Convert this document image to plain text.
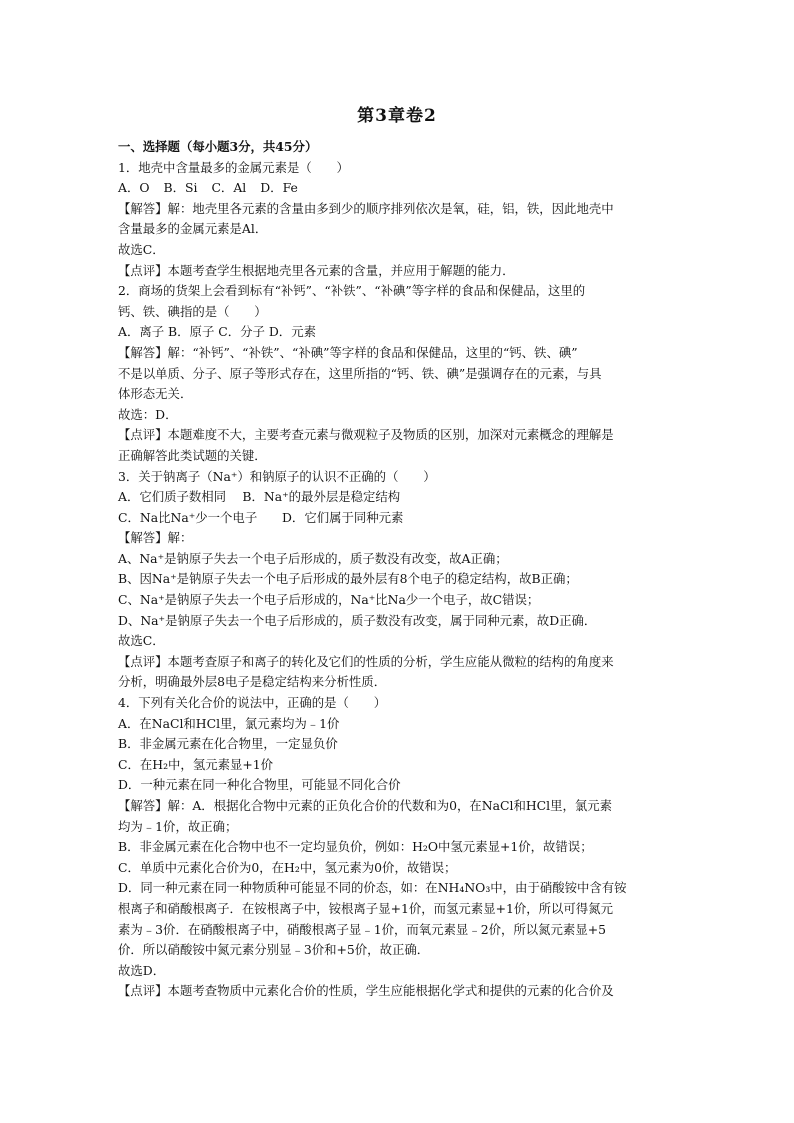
第3章卷2

一、选择题（每小题3分，共45分）

1．地壳中含量最多的金属元素是（　　）

A．O B．Si C．Al D．Fe

【解答】解：地壳里各元素的含量由多到少的顺序排列依次是氧，硅，铝，铁，因此地壳中

含量最多的金属元素是Al．

故选C．

【点评】本题考查学生根据地壳里各元素的含量，并应用于解题的能力．

2．商场的货架上会看到标有“补钙”、“补铁”、“补碘”等字样的食品和保健品，这里的

钙、铁、碘指的是（　　）

A．离子 B．原子 C．分子 D．元素

【解答】解：“补钙”、“补铁”、“补碘”等字样的食品和保健品，这里的“钙、铁、碘”

不是以单质、分子、原子等形式存在，这里所指的“钙、铁、碘”是强调存在的元素，与具

体形态无关．

故选：D．

【点评】本题难度不大，主要考查元素与微观粒子及物质的区别，加深对元素概念的理解是

正确解答此类试题的关键．

3．关于钠离子（Na⁺）和钠原子的认识不正确的（　　）

A．它们质子数相同　 B．Na⁺的最外层是稳定结构

C．Na比Na⁺少一个电子　　D．它们属于同种元素

【解答】解：

A、Na⁺是钠原子失去一个电子后形成的，质子数没有改变，故A正确；

B、因Na⁺是钠原子失去一个电子后形成的最外层有8个电子的稳定结构，故B正确；

C、Na⁺是钠原子失去一个电子后形成的，Na⁺比Na少一个电子，故C错误；

D、Na⁺是钠原子失去一个电子后形成的，质子数没有改变，属于同种元素，故D正确．

故选C．

【点评】本题考查原子和离子的转化及它们的性质的分析，学生应能从微粒的结构的角度来

分析，明确最外层8电子是稳定结构来分析性质．

4．下列有关化合价的说法中，正确的是（　　）

A．在NaCl和HCl里，氯元素均为﹣1价

B．非金属元素在化合物里，一定显负价

C．在H₂中，氢元素显+1价

D．一种元素在同一种化合物里，可能显不同化合价

【解答】解：A．根据化合物中元素的正负化合价的代数和为0，在NaCl和HCl里，氯元素

均为﹣1价，故正确；

B．非金属元素在化合物中也不一定均显负价，例如：H₂O中氢元素显+1价，故错误；

C．单质中元素化合价为0，在H₂中，氢元素为0价，故错误；

D．同一种元素在同一种物质种可能显不同的价态，如：在NH₄NO₃中，由于硝酸铵中含有铵

根离子和硝酸根离子．在铵根离子中，铵根离子显+1价，而氢元素显+1价，所以可得氮元

素为﹣3价．在硝酸根离子中，硝酸根离子显﹣1价，而氧元素显﹣2价，所以氮元素显+5

价．所以硝酸铵中氮元素分别显﹣3价和+5价，故正确．

故选D．

【点评】本题考查物质中元素化合价的性质，学生应能根据化学式和提供的元素的化合价及
